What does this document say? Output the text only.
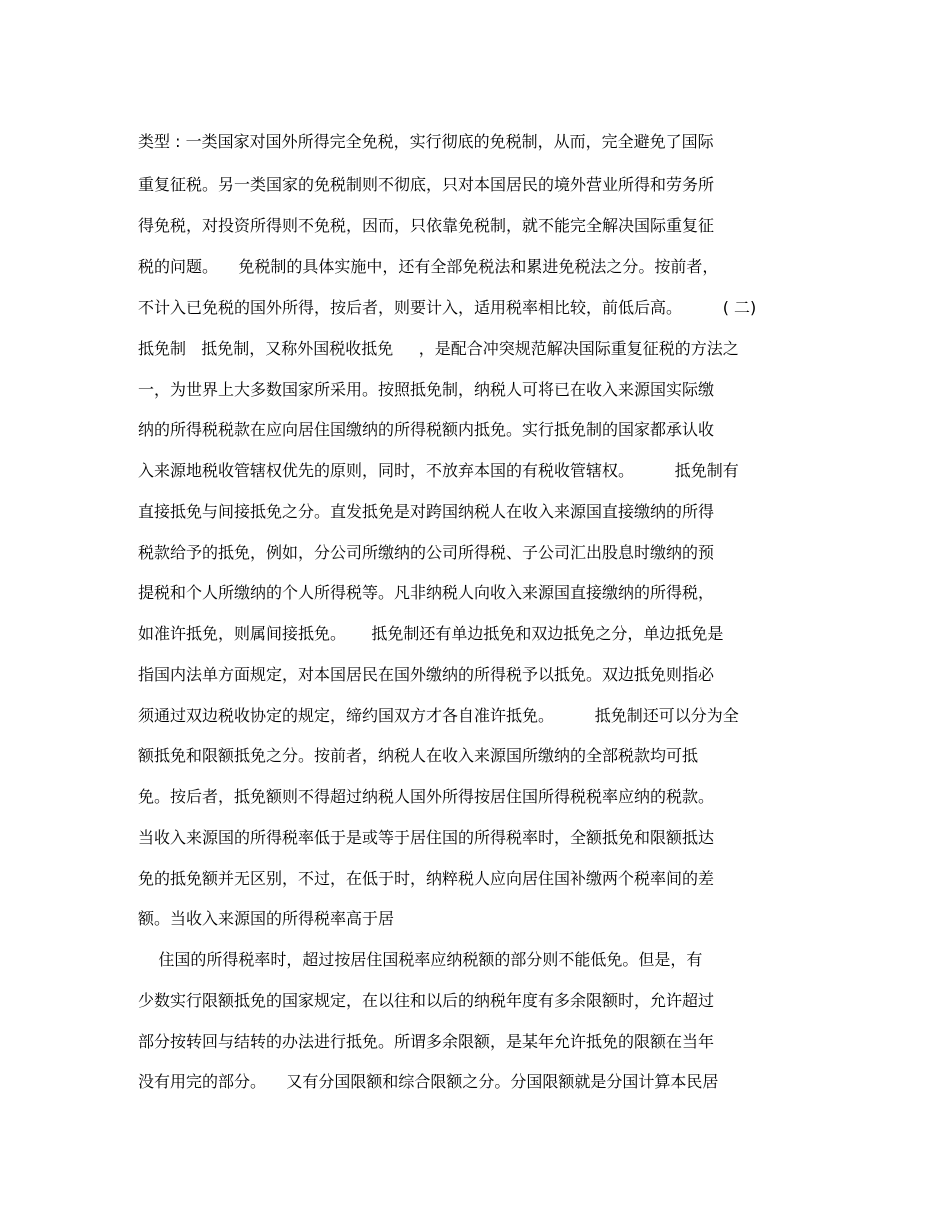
类型 : 一类国家对国外所得完全免税，实行彻底的免税制，从而，完全避免了国际
重复征税。另一类国家的免税制则不彻底，只对本国居民的境外营业所得和劳务所
得免税，对投资所得则不免税，因而，只依靠免税制，就不能完全解决国际重复征
税的问题。    免税制的具体实施中，还有全部免税法和累进免税法之分。按前者，
不计入已免税的国外所得，按后者，则要计入，适用税率相比较，前低后高。        ( 二)
抵免制   抵免制，又称外国税收抵免     ，是配合冲突规范解决国际重复征税的方法之
一，为世界上大多数国家所采用。按照抵免制，纳税人可将已在收入来源国实际缴
纳的所得税税款在应向居住国缴纳的所得税额内抵免。实行抵免制的国家都承认收
入来源地税收管辖权优先的原则，同时，不放弃本国的有税收管辖权。        抵免制有
直接抵免与间接抵免之分。直发抵免是对跨国纳税人在收入来源国直接缴纳的所得
税款给予的抵免，例如，分公司所缴纳的公司所得税、子公司汇出股息时缴纳的预
提税和个人所缴纳的个人所得税等。凡非纳税人向收入来源国直接缴纳的所得税，
如准许抵免，则属间接抵免。     抵免制还有单边抵免和双边抵免之分，单边抵免是
指国内法单方面规定，对本国居民在国外缴纳的所得税予以抵免。双边抵免则指必
须通过双边税收协定的规定，缔约国双方才各自准许抵免。        抵免制还可以分为全
额抵免和限额抵免之分。按前者，纳税人在收入来源国所缴纳的全部税款均可抵
免。按后者，抵免额则不得超过纳税人国外所得按居住国所得税税率应纳的税款。
当收入来源国的所得税率低于是或等于居住国的所得税率时，全额抵免和限额抵达
免的抵免额并无区别，不过，在低于时，纳粹税人应向居住国补缴两个税率间的差
额。当收入来源国的所得税率高于居
住国的所得税率时，超过按居住国税率应纳税额的部分则不能低免。但是，有
少数实行限额抵免的国家规定，在以往和以后的纳税年度有多余限额时，允许超过
部分按转回与结转的办法进行抵免。所谓多余限额，是某年允许抵免的限额在当年
没有用完的部分。    又有分国限额和综合限额之分。分国限额就是分国计算本民居
